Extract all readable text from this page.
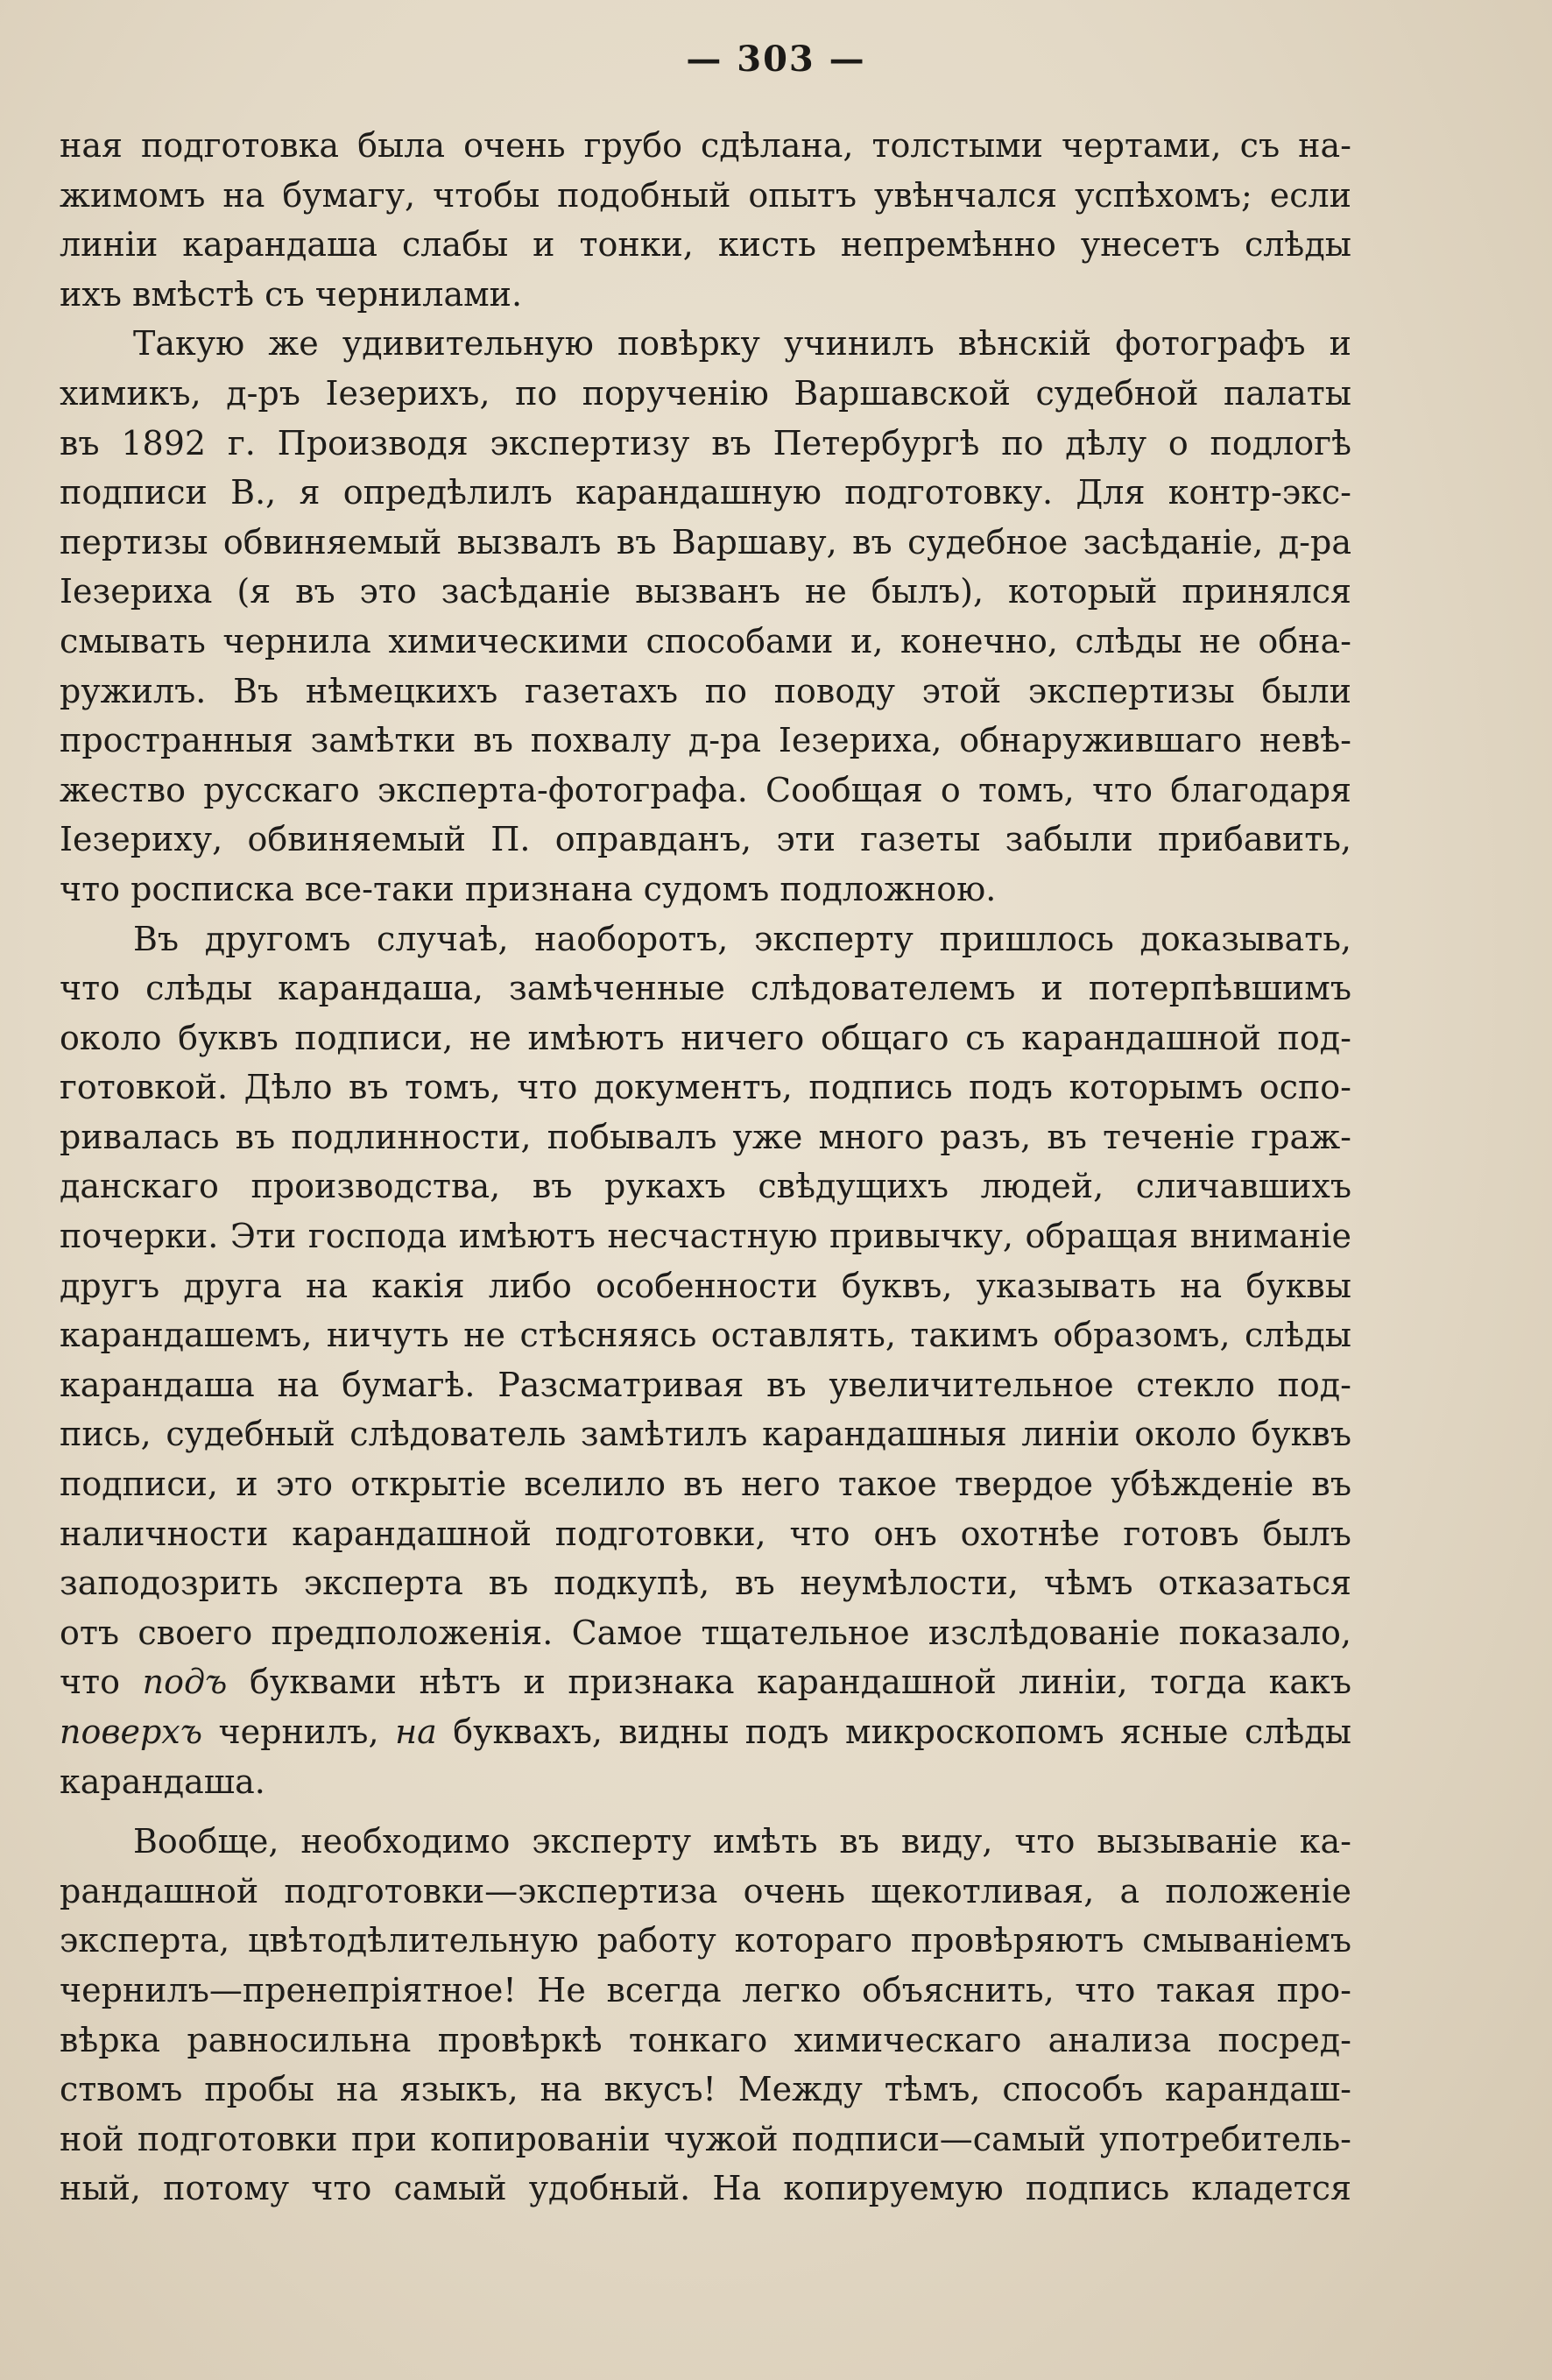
— 303 —
ная подготовка была очень грубо сдѣлана, толстыми чертами, съ на-
жимомъ на бумагу, чтобы подобный опытъ увѣнчался успѣхомъ; если
линіи карандаша слабы и тонки, кисть непремѣнно унесетъ слѣды
ихъ вмѣстѣ съ чернилами.
Такую же удивительную повѣрку учинилъ вѣнскій фотографъ и
химикъ, д-ръ Іезерихъ, по порученію Варшавской судебной палаты
въ 1892 г. Производя экспертизу въ Петербургѣ по дѣлу о подлогѣ
подписи В., я опредѣлилъ карандашную подготовку. Для контр-экс-
пертизы обвиняемый вызвалъ въ Варшаву, въ судебное засѣданіе, д-ра
Іезериха (я въ это засѣданіе вызванъ не былъ), который принялся
смывать чернила химическими способами и, конечно, слѣды не обна-
ружилъ. Въ нѣмецкихъ газетахъ по поводу этой экспертизы были
пространныя замѣтки въ похвалу д-ра Іезериха, обнаружившаго невѣ-
жество русскаго эксперта-фотографа. Сообщая о томъ, что благодаря
Іезериху, обвиняемый П. оправданъ, эти газеты забыли прибавить,
что росписка все-таки признана судомъ подложною.
Въ другомъ случаѣ, наоборотъ, эксперту пришлось доказывать,
что слѣды карандаша, замѣченные слѣдователемъ и потерпѣвшимъ
около буквъ подписи, не имѣютъ ничего общаго съ карандашной под-
готовкой. Дѣло въ томъ, что документъ, подпись подъ которымъ оспо-
ривалась въ подлинности, побывалъ уже много разъ, въ теченіе граж-
данскаго производства, въ рукахъ свѣдущихъ людей, сличавшихъ
почерки. Эти господа имѣютъ несчастную привычку, обращая вниманіе
другъ друга на какія либо особенности буквъ, указывать на буквы
карандашемъ, ничуть не стѣсняясь оставлять, такимъ образомъ, слѣды
карандаша на бумагѣ. Разсматривая въ увеличительное стекло под-
пись, судебный слѣдователь замѣтилъ карандашныя линіи около буквъ
подписи, и это открытіе вселило въ него такое твердое убѣжденіе въ
наличности карандашной подготовки, что онъ охотнѣе готовъ былъ
заподозрить эксперта въ подкупѣ, въ неумѣлости, чѣмъ отказаться
отъ своего предположенія. Самое тщательное изслѣдованіе показало,
что подъ буквами нѣтъ и признака карандашной линіи, тогда какъ
поверхъ чернилъ, на буквахъ, видны подъ микроскопомъ ясные слѣды
карандаша.
Вообще, необходимо эксперту имѣть въ виду, что вызываніе ка-
рандашной подготовки—экспертиза очень щекотливая, а положеніе
эксперта, цвѣтодѣлительную работу котораго провѣряютъ смываніемъ
чернилъ—пренепріятное! Не всегда легко объяснить, что такая про-
вѣрка равносильна провѣркѣ тонкаго химическаго анализа посред-
ствомъ пробы на языкъ, на вкусъ! Между тѣмъ, способъ карандаш-
ной подготовки при копированіи чужой подписи—самый употребитель-
ный, потому что самый удобный. На копируемую подпись кладется
